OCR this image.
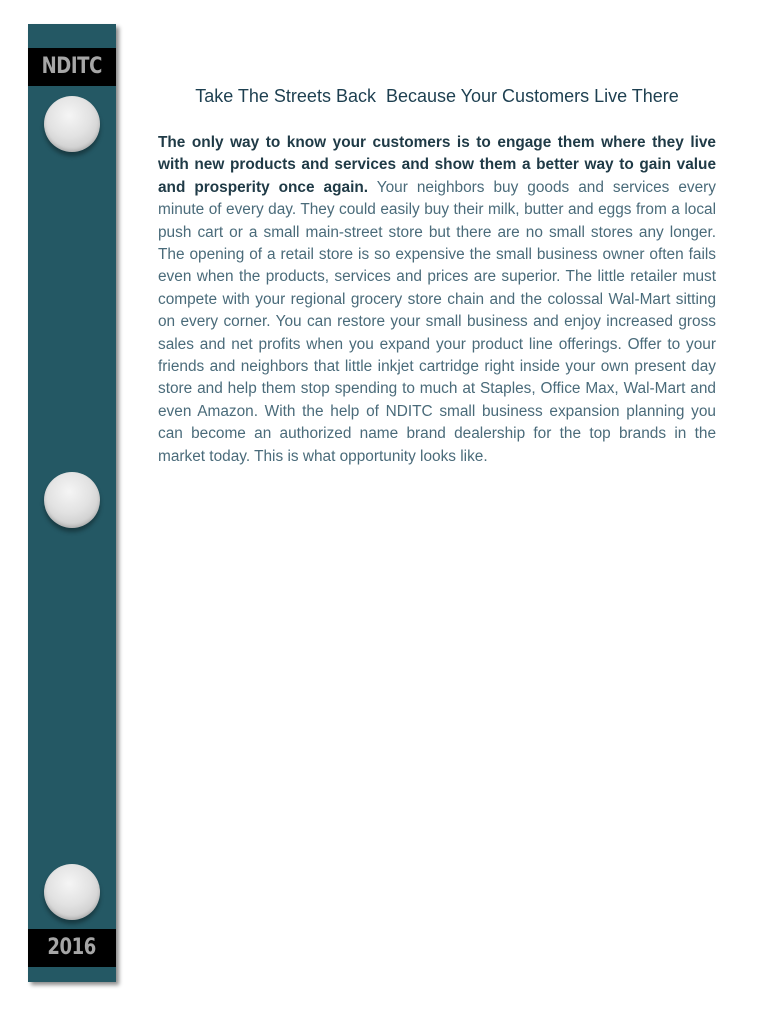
NDITC
2016
Take The Streets Back  Because Your Customers Live There

The only way to know your customers is to engage them where they live with new products and services and show them a better way to gain value and prosperity once again. Your neighbors buy goods and services every minute of every day. They could easily buy their milk, butter and eggs from a local push cart or a small main-street store but there are no small stores any longer. The opening of a retail store is so expensive the small business owner often fails even when the products, services and prices are superior. The little retailer must compete with your regional grocery store chain and the colossal Wal-Mart sitting on every corner. You can restore your small business and enjoy increased gross sales and net profits when you expand your product line offerings. Offer to your friends and neighbors that little inkjet cartridge right inside your own present day store and help them stop spending to much at Staples, Office Max, Wal-Mart and even Amazon. With the help of NDITC small business expansion planning you can become an authorized name brand dealership for the top brands in the market today. This is what opportunity looks like.
